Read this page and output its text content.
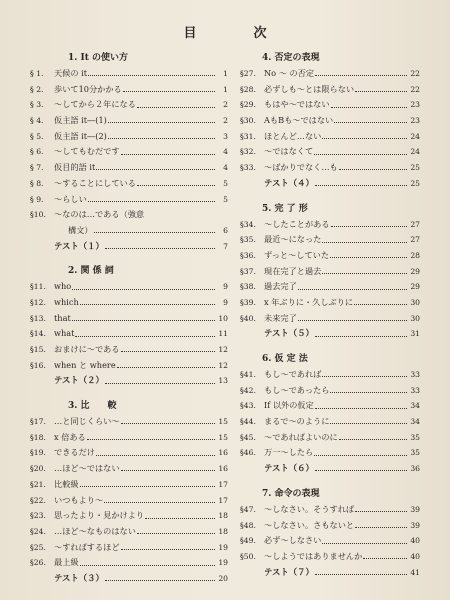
目　次
1. It の使い方
§ 1.	天候の it	1
§ 2.	歩いて10分かかる	1
§ 3.	～してから２年になる	2
§ 4.	仮主語 it―(1)	2
§ 5.	仮主語 it―(2)	3
§ 6.	～してもむだです	4
§ 7.	仮目的語 it	4
§ 8.	～することにしている	5
§ 9.	～らしい	5
§10. ～なのは…である（強意
構文）	6
テスト（１）	7
2. 関 係 詞
§11. who	9
§12. which	9
§13. that	10
§14. what	11
§15. おまけに～である	12
§16. when と where	12
テスト（２）	13
3. 比　　較
§17. …と同じくらい～	15
§18. x 倍ある	15
§19. できるだけ	16
§20. …ほど～ではない	16
§21. 比較級	17
§22. いつもより～	17
§23. 思ったより・見かけより	18
§24. …ほど～なものはない	18
§25. ～すればするほど	19
§26. 最上級	19
テスト（３）	20
4. 否定の表現
§27. No ～ の否定	22
§28. 必ずしも～とは限らない	22
§29. もはや～ではない	23
§30. AもBも～ではない	23
§31. ほとんど…ない	24
§32. ～ではなくて	24
§33. ～ばかりでなく…も	25
テスト（４）	25
5. 完 了 形
§34. ～したことがある	27
§35. 最近～になった	27
§36. ずっと～していた	28
§37. 現在完了と過去	29
§38. 過去完了	29
§39. x 年ぶりに・久しぶりに	30
§40. 未来完了	30
テスト（５）	31
6. 仮 定 法
§41. もし～であれば	33
§42. もし～であったら	33
§43. If 以外の仮定	34
§44. まるで～のように	34
§45. ～であればよいのに	35
§46. 万一～したら	35
テスト（６）	36
7. 命令の表現
§47. ～しなさい。そうすれば	39
§48. ～しなさい。さもないと	39
§49. 必ず～しなさい	40
§50. ～しようではありませんか	40
テスト（７）	41
